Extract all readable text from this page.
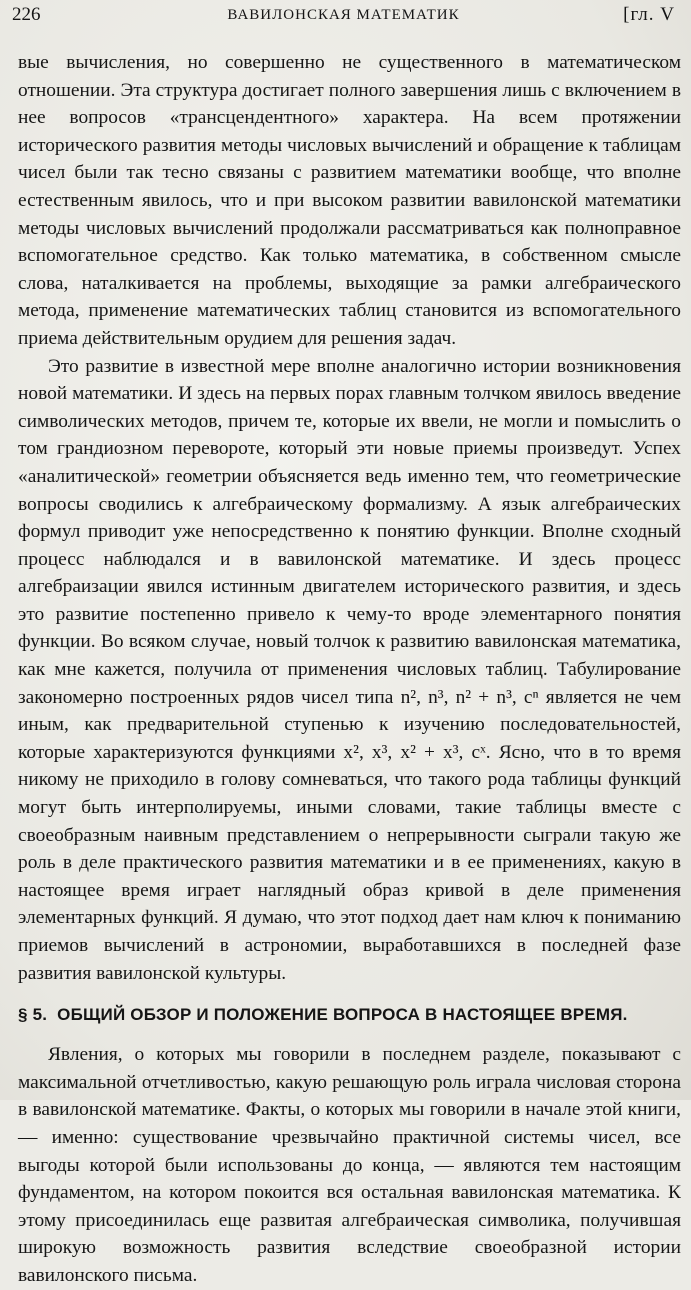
226	ВАВИЛОНСКАЯ МАТЕМАТИК	[гл. V

вые вычисления, но совершенно не существенного в математическом отношении. Эта структура достигает полного завершения лишь с включением в нее вопросов «трансцендентного» характера. На всем протяжении исторического развития методы числовых вычислений и обращение к таблицам чисел были так тесно связаны с развитием математики вообще, что вполне естественным явилось, что и при высоком развитии вавилонской математики методы числовых вычислений продолжали рассматриваться как полноправное вспомогательное средство. Как только математика, в собственном смысле слова, наталкивается на проблемы, выходящие за рамки алгебраического метода, применение математических таблиц становится из вспомогательного приема действительным орудием для решения задач.

Это развитие в известной мере вполне аналогично истории возникновения новой математики. И здесь на первых порах главным толчком явилось введение символических методов, причем те, которые их ввели, не могли и помыслить о том грандиозном перевороте, который эти новые приемы произведут. Успех «аналитической» геометрии объясняется ведь именно тем, что геометрические вопросы сводились к алгебраическому формализму. А язык алгебраических формул приводит уже непосредственно к понятию функции. Вполне сходный процесс наблюдался и в вавилонской математике. И здесь процесс алгебраизации явился истинным двигателем исторического развития, и здесь это развитие постепенно привело к чему-то вроде элементарного понятия функции. Во всяком случае, новый толчок к развитию вавилонская математика, как мне кажется, получила от применения числовых таблиц. Табулирование закономерно построенных рядов чисел типа n², n³, n² + n³, cⁿ является не чем иным, как предварительной ступенью к изучению последовательностей, которые характеризуются функциями x², x³, x² + x³, cˣ. Ясно, что в то время никому не приходило в голову сомневаться, что такого рода таблицы функций могут быть интерполируемы, иными словами, такие таблицы вместе с своеобразным наивным представлением о непрерывности сыграли такую же роль в деле практического развития математики и в ее применениях, какую в настоящее время играет наглядный образ кривой в деле применения элементарных функций. Я думаю, что этот подход дает нам ключ к пониманию приемов вычислений в астрономии, выработавшихся в последней фазе развития вавилонской культуры.

§ 5. ОБЩИЙ ОБЗОР И ПОЛОЖЕНИЕ ВОПРОСА В НАСТОЯЩЕЕ ВРЕМЯ.

Явления, о которых мы говорили в последнем разделе, показывают с максимальной отчетливостью, какую решающую роль играла числовая сторона в вавилонской математике. Факты, о которых мы говорили в начале этой книги, — именно: существование чрезвычайно практичной системы чисел, все выгоды которой были использованы до конца, — являются тем настоящим фундаментом, на котором покоится вся остальная вавилонская математика. К этому присоединилась еще развитая алгебраическая символика, получившая широкую возможность развития вследствие своеобразной истории вавилонского письма.
